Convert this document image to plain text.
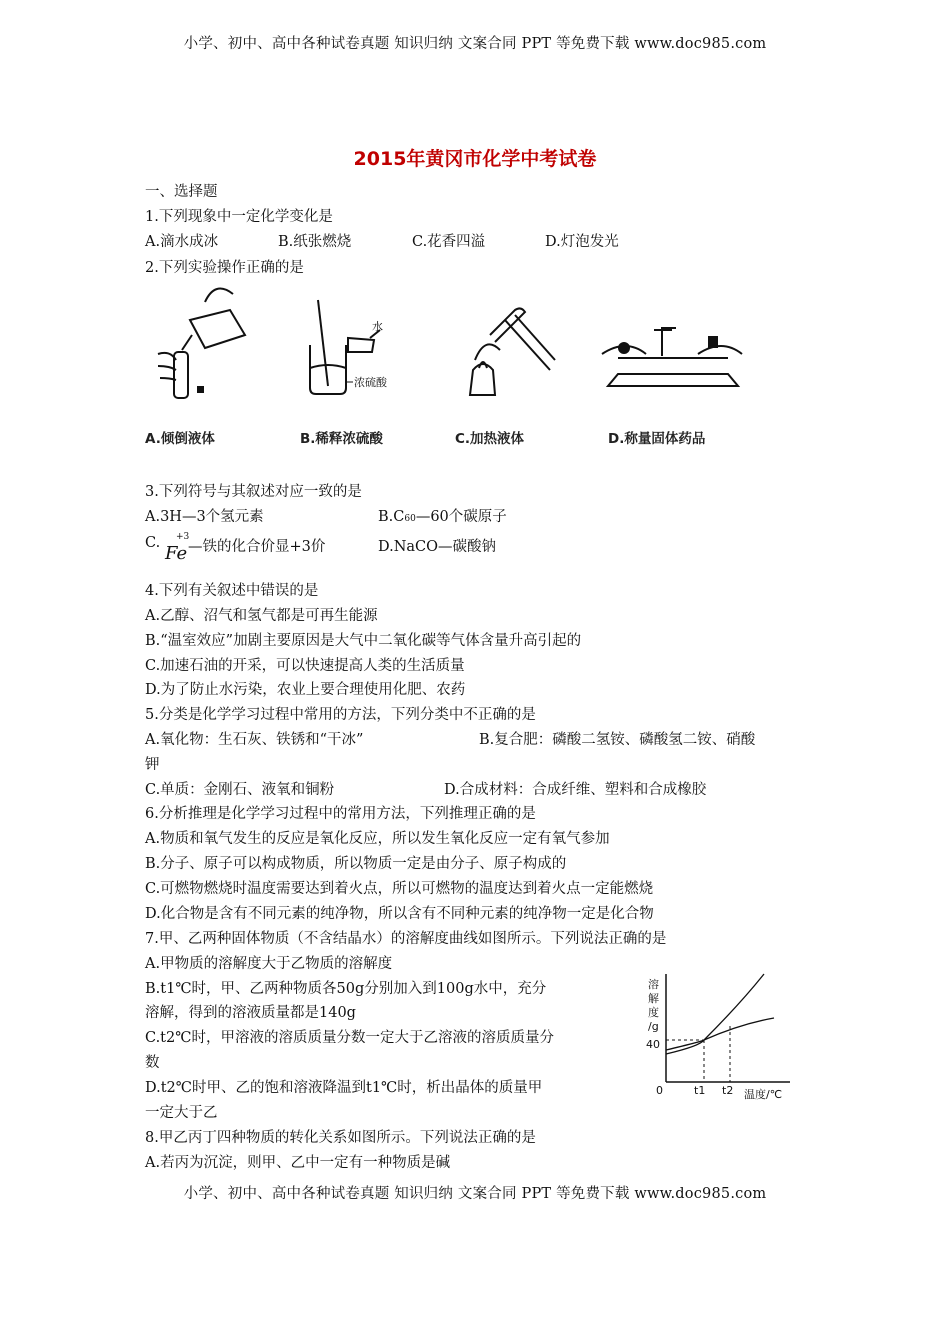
小学、初中、高中各种试卷真题 知识归纳 文案合同 PPT 等免费下载 www.doc985.com
2015年黄冈市化学中考试卷
一、选择题
1.下列现象中一定化学变化是
A.滴水成冰	B.纸张燃烧	C.花香四溢	D.灯泡发光
2.下列实验操作正确的是
水
浓硫酸
A.倾倒液体	B.稀释浓硫酸	C.加热液体	D.称量固体药品
3.下列符号与其叙述对应一致的是
A.3H—3个氢元素	B.C60—60个碳原子
C. +3
Fe —铁的化合价显+3价	D.NaCO—碳酸钠
4.下列有关叙述中错误的是
A.乙醇、沼气和氢气都是可再生能源
B.“温室效应”加剧主要原因是大气中二氧化碳等气体含量升高引起的
C.加速石油的开采，可以快速提高人类的生活质量
D.为了防止水污染，农业上要合理使用化肥、农药
5.分类是化学学习过程中常用的方法，下列分类中不正确的是
A.氧化物：生石灰、铁锈和“干冰”	B.复合肥：磷酸二氢铵、磷酸氢二铵、硝酸
钾
C.单质：金刚石、液氧和铜粉	D.合成材料：合成纤维、塑料和合成橡胶
6.分析推理是化学学习过程中的常用方法，下列推理正确的是
A.物质和氧气发生的反应是氧化反应，所以发生氧化反应一定有氧气参加
B.分子、原子可以构成物质，所以物质一定是由分子、原子构成的
C.可燃物燃烧时温度需要达到着火点，所以可燃物的温度达到着火点一定能燃烧
D.化合物是含有不同元素的纯净物，所以含有不同种元素的纯净物一定是化合物
7.甲、乙两种固体物质（不含结晶水）的溶解度曲线如图所示。下列说法正确的是
A.甲物质的溶解度大于乙物质的溶解度
B.t1℃时，甲、乙两种物质各50g分别加入到100g水中，充分
溶解，得到的溶液质量都是140g
C.t2℃时，甲溶液的溶质质量分数一定大于乙溶液的溶质质量分
数
D.t2℃时甲、乙的饱和溶液降温到t1℃时，析出晶体的质量甲
一定大于乙
溶
解
度
/g
40
0	t1 t2 温度/℃
8.甲乙丙丁四种物质的转化关系如图所示。下列说法正确的是
A.若丙为沉淀，则甲、乙中一定有一种物质是碱
小学、初中、高中各种试卷真题 知识归纳 文案合同 PPT 等免费下载 www.doc985.com
